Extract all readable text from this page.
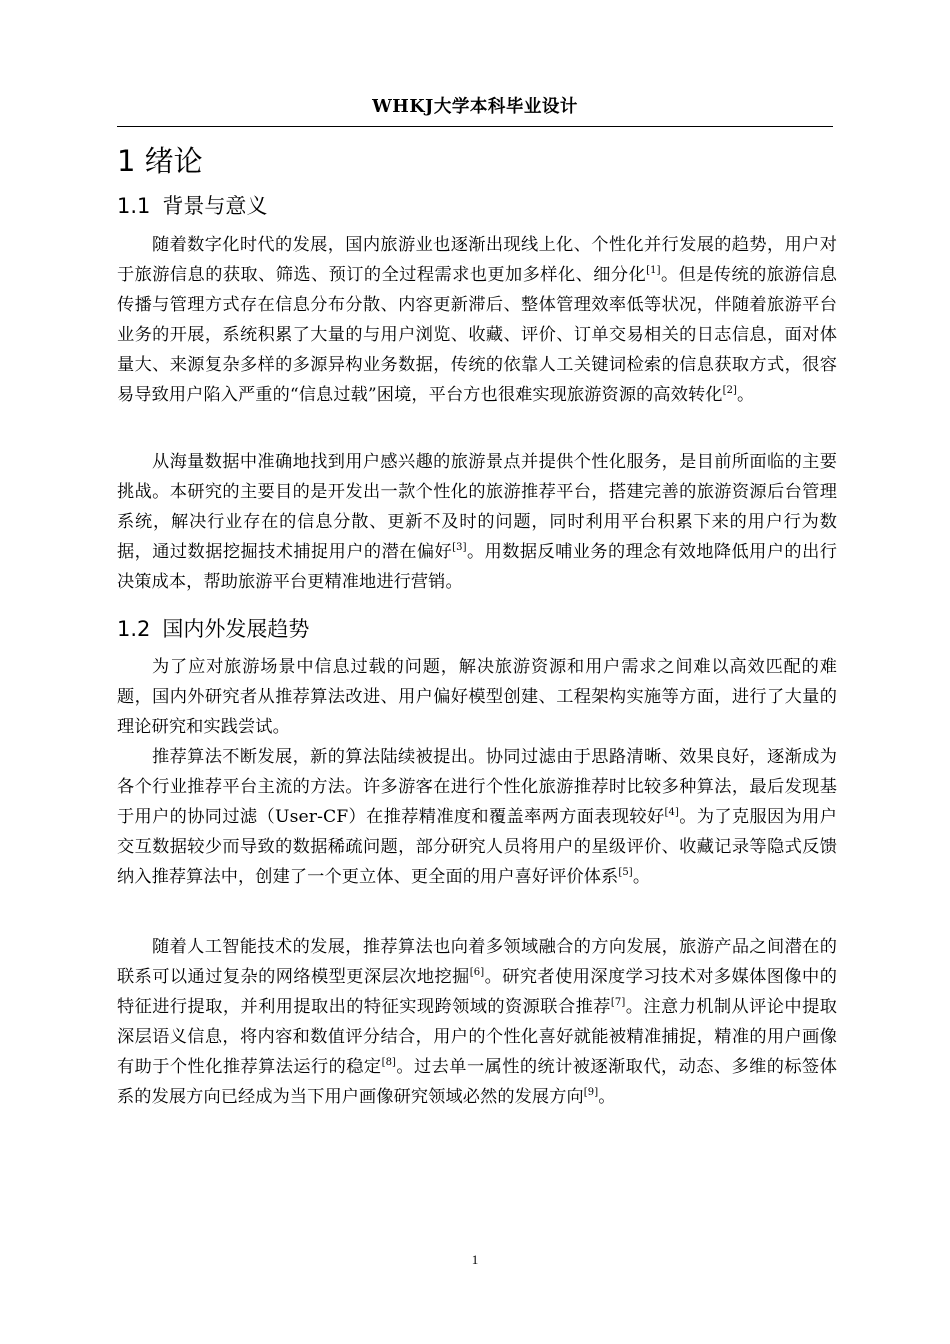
WHKJ大学本科毕业设计
1 绪论
1.1 背景与意义

随着数字化时代的发展，国内旅游业也逐渐出现线上化、个性化并行发展的趋势，用户对于旅游信息的获取、筛选、预订的全过程需求也更加多样化、细分化[1]。但是传统的旅游信息传播与管理方式存在信息分布分散、内容更新滞后、整体管理效率低等状况，伴随着旅游平台业务的开展，系统积累了大量的与用户浏览、收藏、评价、订单交易相关的日志信息，面对体量大、来源复杂多样的多源异构业务数据，传统的依靠人工关键词检索的信息获取方式，很容易导致用户陷入严重的“信息过载”困境，平台方也很难实现旅游资源的高效转化[2]。

从海量数据中准确地找到用户感兴趣的旅游景点并提供个性化服务，是目前所面临的主要挑战。本研究的主要目的是开发出一款个性化的旅游推荐平台，搭建完善的旅游资源后台管理系统，解决行业存在的信息分散、更新不及时的问题，同时利用平台积累下来的用户行为数据，通过数据挖掘技术捕捉用户的潜在偏好[3]。用数据反哺业务的理念有效地降低用户的出行决策成本，帮助旅游平台更精准地进行营销。

1.2 国内外发展趋势

为了应对旅游场景中信息过载的问题，解决旅游资源和用户需求之间难以高效匹配的难题，国内外研究者从推荐算法改进、用户偏好模型创建、工程架构实施等方面，进行了大量的理论研究和实践尝试。

推荐算法不断发展，新的算法陆续被提出。协同过滤由于思路清晰、效果良好，逐渐成为各个行业推荐平台主流的方法。许多游客在进行个性化旅游推荐时比较多种算法，最后发现基于用户的协同过滤（User-CF）在推荐精准度和覆盖率两方面表现较好[4]。为了克服因为用户交互数据较少而导致的数据稀疏问题，部分研究人员将用户的星级评价、收藏记录等隐式反馈纳入推荐算法中，创建了一个更立体、更全面的用户喜好评价体系[5]。

随着人工智能技术的发展，推荐算法也向着多领域融合的方向发展，旅游产品之间潜在的联系可以通过复杂的网络模型更深层次地挖掘[6]。研究者使用深度学习技术对多媒体图像中的特征进行提取，并利用提取出的特征实现跨领域的资源联合推荐[7]。注意力机制从评论中提取深层语义信息，将内容和数值评分结合，用户的个性化喜好就能被精准捕捉，精准的用户画像有助于个性化推荐算法运行的稳定[8]。过去单一属性的统计被逐渐取代，动态、多维的标签体系的发展方向已经成为当下用户画像研究领域必然的发展方向[9]。

1
